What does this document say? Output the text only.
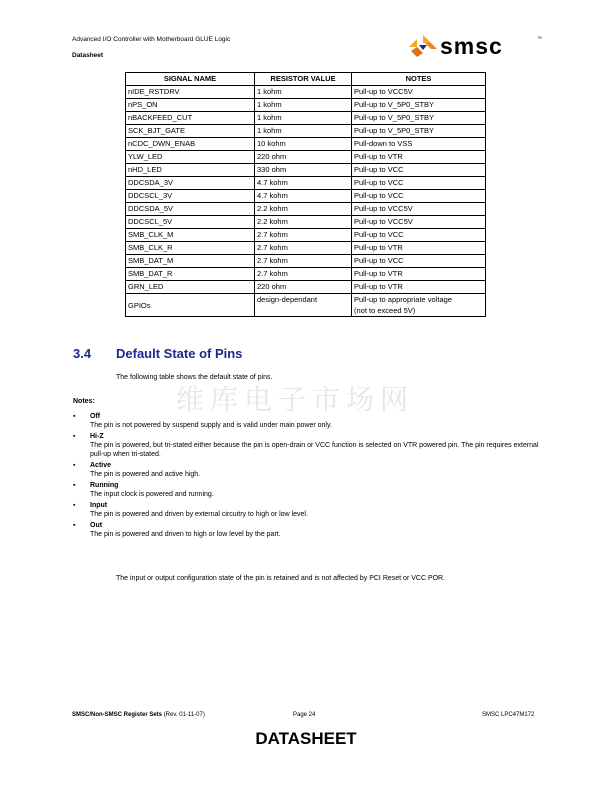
Advanced I/O Controller with Motherboard GLUE Logic
Datasheet	smsc	™
SIGNAL NAME	RESISTOR VALUE	NOTES
nIDE_RSTDRV	1 kohm	Pull-up to VCC5V
nPS_ON	1 kohm	Pull-up to V_5P0_STBY
nBACKFEED_CUT	1 kohm	Pull-up to V_5P0_STBY
SCK_BJT_GATE	1 kohm	Pull-up to V_5P0_STBY
nCDC_DWN_ENAB	10 kohm	Pull-down to VSS
YLW_LED	220 ohm	Pull-up to VTR
nHD_LED	330 ohm	Pull-up to VCC
DDCSDA_3V	4.7 kohm	Pull-up to VCC
DDCSCL_3V	4.7 kohm	Pull-up to VCC
DDCSDA_5V	2.2 kohm	Pull-up to VCC5V
DDCSCL_5V	2.2 kohm	Pull-up to VCC5V
SMB_CLK_M	2.7 kohm	Pull-up to VCC
SMB_CLK_R	2.7 kohm	Pull-up to VTR
SMB_DAT_M	2.7 kohm	Pull-up to VCC
SMB_DAT_R	2.7 kohm	Pull-up to VTR
GRN_LED	220 ohm	Pull-up to VTR
GPIOs	design-dependant	Pull-up to appropriate voltage
(not to exceed 5V)
3.4 Default State of Pins
维库电子市场网
The following table shows the default state of pins.
Notes:
▪ Off
The pin is not powered by suspend supply and is valid under main power only.
▪ Hi-Z
The pin is powered, but tri-stated either because the pin is open-drain or VCC function is selected on VTR powered pin. The pin requires external pull-up when tri-stated.
▪ Active
The pin is powered and active high.
▪ Running
The input clock is powered and running.
▪ Input
The pin is powered and driven by external circuitry to high or low level.
▪ Out
The pin is powered and driven to high or low level by the part.
The input or output configuration state of the pin is retained and is not affected by PCI Reset or VCC POR.
SMSC/Non-SMSC Register Sets (Rev. 01-11-07)	Page 24	SMSC LPC47M172
DATASHEET
